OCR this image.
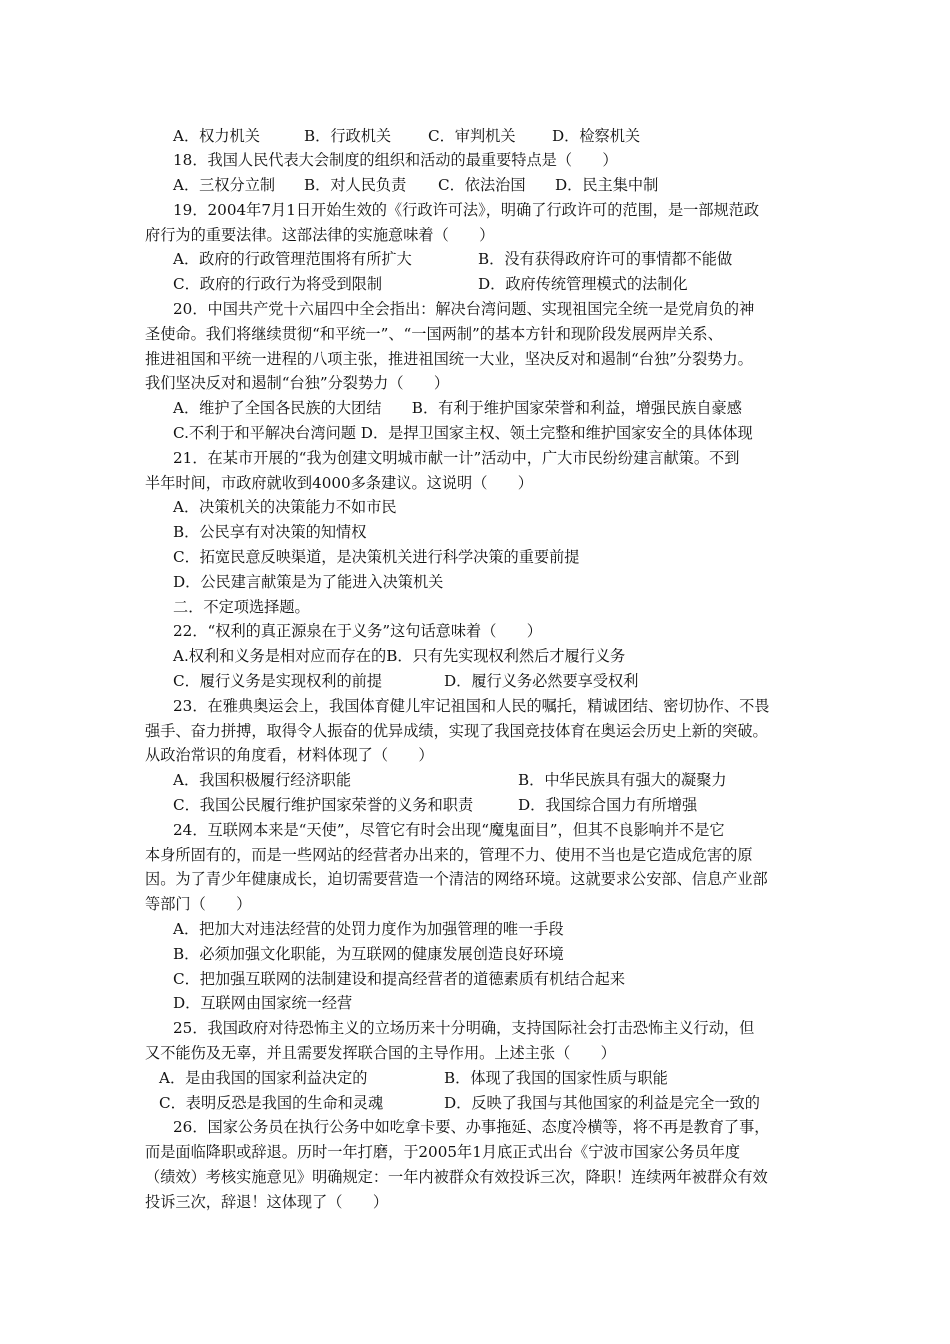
A．权力机关	B．行政机关 C．审判机关 D．检察机关
18．我国人民代表大会制度的组织和活动的最重要特点是（　　）
A．三权分立制 B．对人民负责 C．依法治国 D．民主集中制
19．2004年7月1日开始生效的《行政许可法》，明确了行政许可的范围，是一部规范政
府行为的重要法律。这部法律的实施意味着（　　）
A．政府的行政管理范围将有所扩大	B．没有获得政府许可的事情都不能做
C．政府的行政行为将受到限制	D．政府传统管理模式的法制化
20．中国共产党十六届四中全会指出：解决台湾问题、实现祖国完全统一是党肩负的神
圣使命。我们将继续贯彻“和平统一”、“一国两制”的基本方针和现阶段发展两岸关系、
推进祖国和平统一进程的八项主张，推进祖国统一大业，坚决反对和遏制“台独”分裂势力。
我们坚决反对和遏制“台独”分裂势力（　　）
A．维护了全国各民族的大团结　　B．有利于维护国家荣誉和利益，增强民族自豪感
C.不利于和平解决台湾问题 D．是捍卫国家主权、领土完整和维护国家安全的具体体现
21．在某市开展的“我为创建文明城市献一计”活动中，广大市民纷纷建言献策。不到
半年时间，市政府就收到4000多条建议。这说明（　　）
A．决策机关的决策能力不如市民
B．公民享有对决策的知情权
C．拓宽民意反映渠道，是决策机关进行科学决策的重要前提
D．公民建言献策是为了能进入决策机关
二．不定项选择题。
22．“权利的真正源泉在于义务”这句话意味着（　　）
A.权利和义务是相对应而存在的B．只有先实现权利然后才履行义务
C．履行义务是实现权利的前提	D．履行义务必然要享受权利
23．在雅典奥运会上，我国体育健儿牢记祖国和人民的嘱托，精诚团结、密切协作、不畏
强手、奋力拼搏，取得令人振奋的优异成绩，实现了我国竞技体育在奥运会历史上新的突破。
从政治常识的角度看，材料体现了（　　）
A．我国积极履行经济职能	B．中华民族具有强大的凝聚力
C．我国公民履行维护国家荣誉的义务和职责	D．我国综合国力有所增强
24．互联网本来是“天使”，尽管它有时会出现“魔鬼面目”，但其不良影响并不是它
本身所固有的，而是一些网站的经营者办出来的，管理不力、使用不当也是它造成危害的原
因。为了青少年健康成长，迫切需要营造一个清洁的网络环境。这就要求公安部、信息产业部
等部门（　　）
A．把加大对违法经营的处罚力度作为加强管理的唯一手段
B．必须加强文化职能，为互联网的健康发展创造良好环境
C．把加强互联网的法制建设和提高经营者的道德素质有机结合起来
D．互联网由国家统一经营
25．我国政府对待恐怖主义的立场历来十分明确，支持国际社会打击恐怖主义行动，但
又不能伤及无辜，并且需要发挥联合国的主导作用。上述主张（　　）
A．是由我国的国家利益决定的	B．体现了我国的国家性质与职能
C．表明反恐是我国的生命和灵魂	D．反映了我国与其他国家的利益是完全一致的
26．国家公务员在执行公务中如吃拿卡要、办事拖延、态度冷横等，将不再是教育了事，
而是面临降职或辞退。历时一年打磨，于2005年1月底正式出台《宁波市国家公务员年度
（绩效）考核实施意见》明确规定：一年内被群众有效投诉三次，降职！连续两年被群众有效
投诉三次，辞退！这体现了（　　）
